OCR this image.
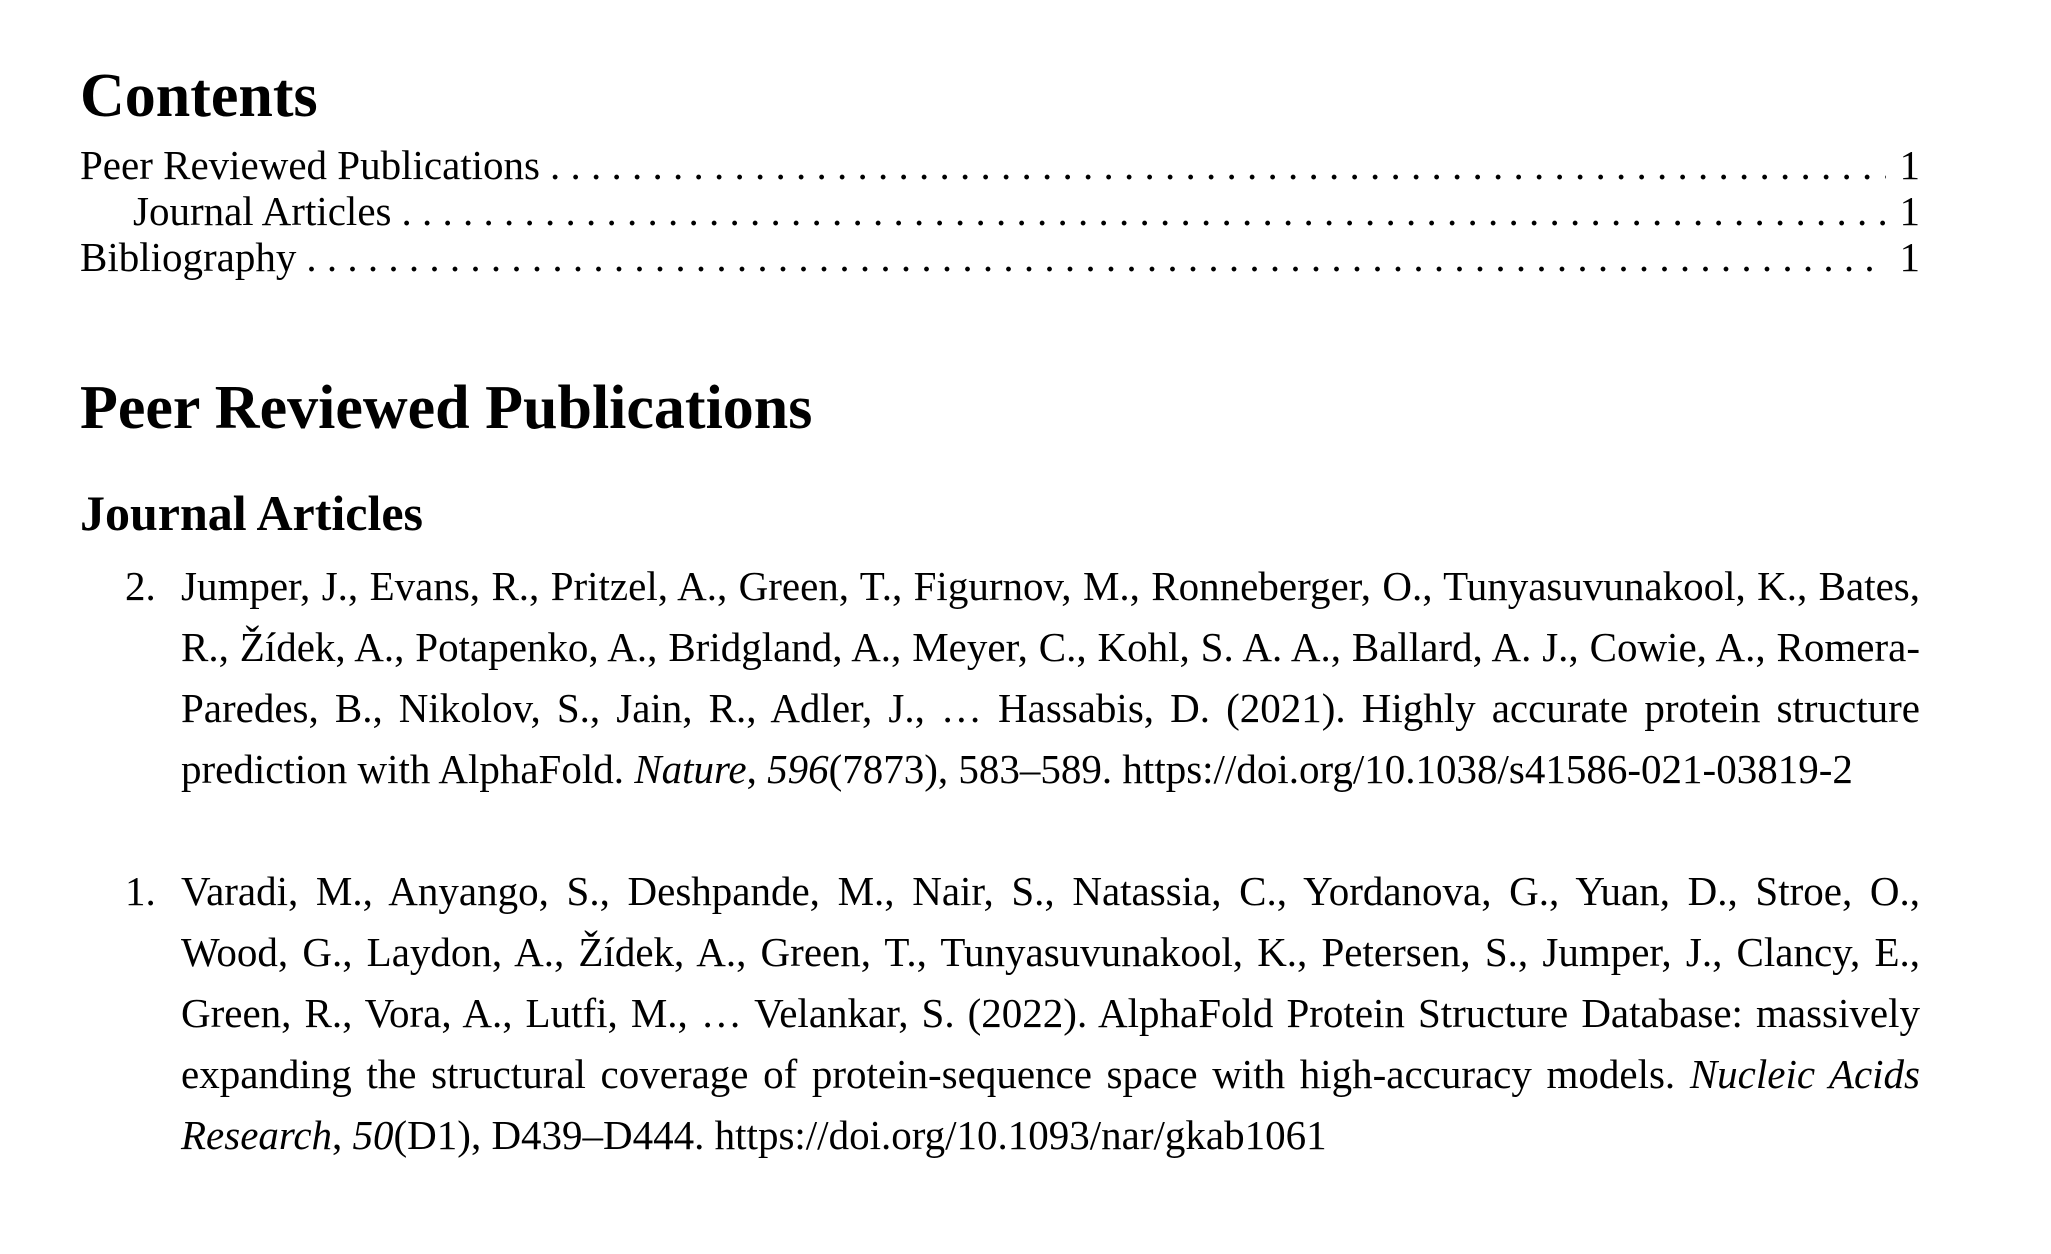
Contents
Peer Reviewed Publications . . .	1
Journal Articles . . .	1
Bibliography . . .	1
Peer Reviewed Publications
Journal Articles
2. Jumper, J., Evans, R., Pritzel, A., Green, T., Figurnov, M., Ronneberger, O., Tunyasuvunakool, K., Bates, R., Žídek, A., Potapenko, A., Bridgland, A., Meyer, C., Kohl, S. A. A., Ballard, A. J., Cowie, A., Romera-Paredes, B., Nikolov, S., Jain, R., Adler, J., … Hassabis, D. (2021). Highly accurate protein structure prediction with AlphaFold. Nature, 596(7873), 583–589. https://doi.org/10.1038/s41586-021-03819-2
1. Varadi, M., Anyango, S., Deshpande, M., Nair, S., Natassia, C., Yordanova, G., Yuan, D., Stroe, O., Wood, G., Laydon, A., Žídek, A., Green, T., Tunyasuvunakool, K., Petersen, S., Jumper, J., Clancy, E., Green, R., Vora, A., Lutfi, M., … Velankar, S. (2022). AlphaFold Protein Structure Database: massively expanding the structural coverage of protein-sequence space with high-accuracy models. Nucleic Acids Research, 50(D1), D439–D444. https://doi.org/10.1093/nar/gkab1061
